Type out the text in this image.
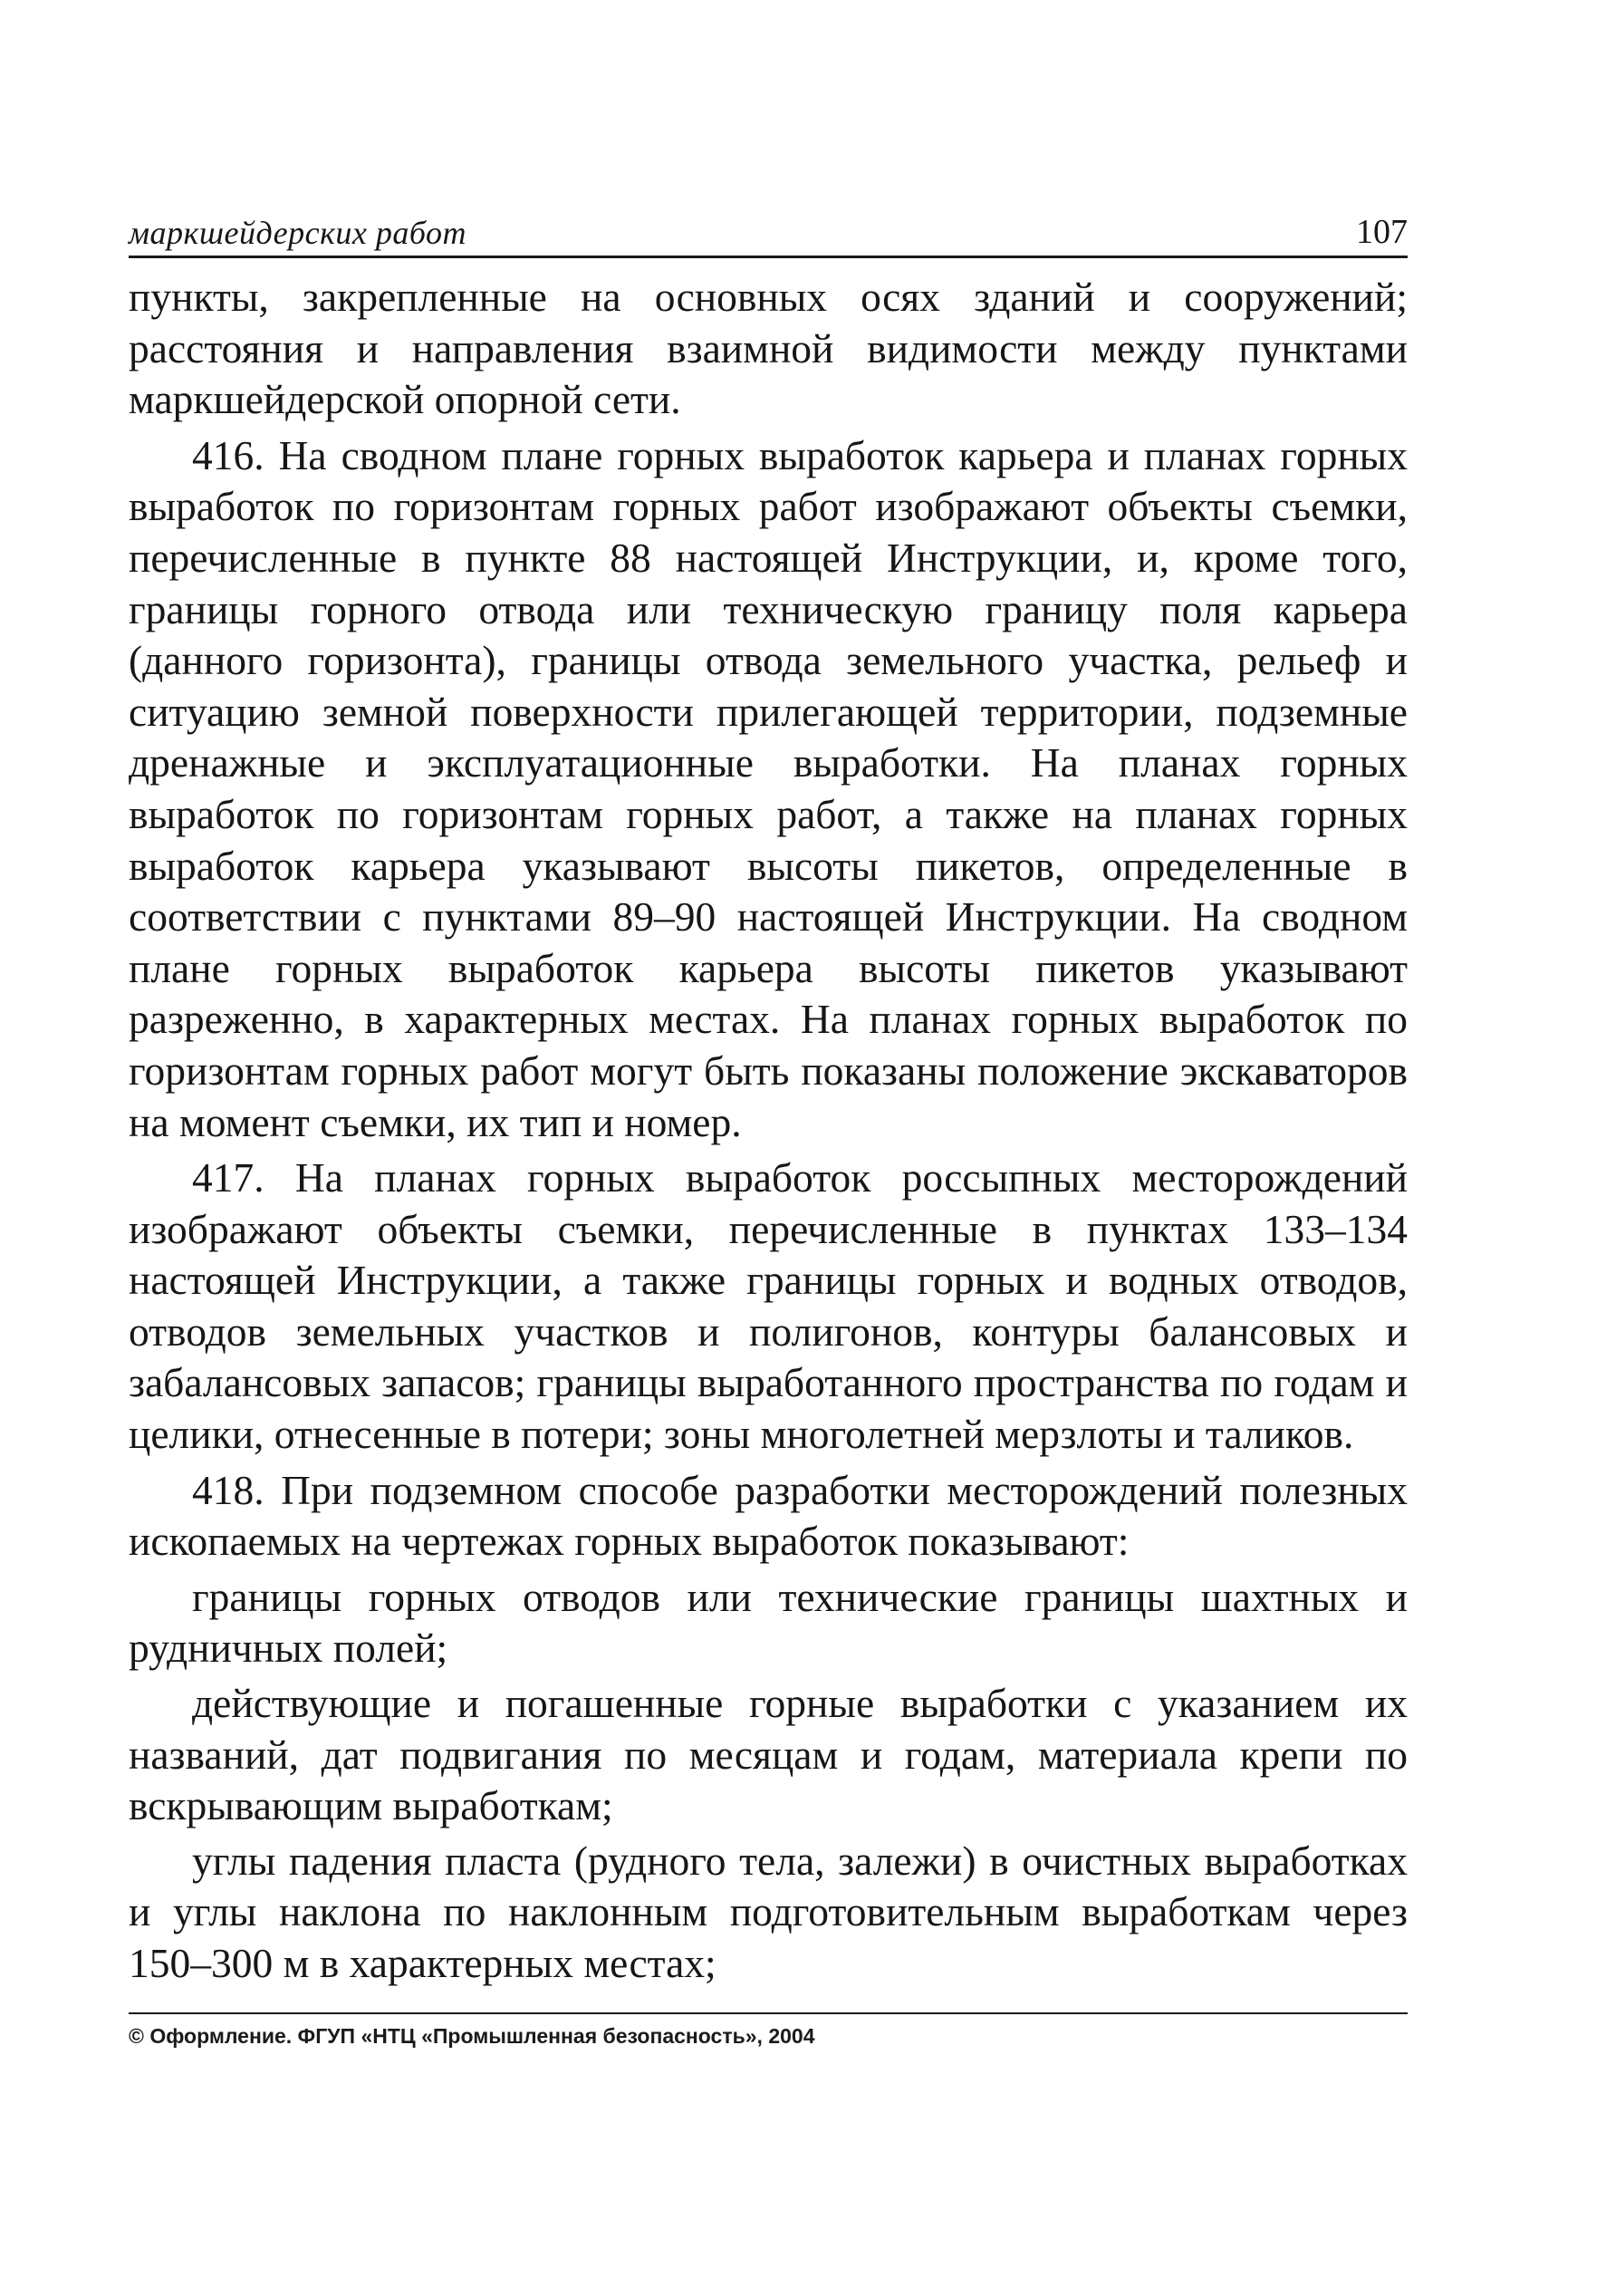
маркшейдерских работ	107

пункты, закрепленные на основных осях зданий и сооружений; расстояния и направления взаимной видимости между пунктами маркшейдерской опорной сети.

416. На сводном плане горных выработок карьера и планах горных выработок по горизонтам горных работ изображают объекты съемки, перечисленные в пункте 88 настоящей Инструкции, и, кроме того, границы горного отвода или техническую границу поля карьера (данного горизонта), границы отвода земельного участка, рельеф и ситуацию земной поверхности прилегающей территории, подземные дренажные и эксплуатационные выработки. На планах горных выработок по горизонтам горных работ, а также на планах горных выработок карьера указывают высоты пикетов, определенные в соответствии с пунктами 89–90 настоящей Инструкции. На сводном плане горных выработок карьера высоты пикетов указывают разреженно, в характерных местах. На планах горных выработок по горизонтам горных работ могут быть показаны положение экскаваторов на момент съемки, их тип и номер.

417. На планах горных выработок россыпных месторождений изображают объекты съемки, перечисленные в пунктах 133–134 настоящей Инструкции, а также границы горных и водных отводов, отводов земельных участков и полигонов, контуры балансовых и забалансовых запасов; границы выработанного пространства по годам и целики, отнесенные в потери; зоны многолетней мерзлоты и таликов.

418. При подземном способе разработки месторождений полезных ископаемых на чертежах горных выработок показывают:

границы горных отводов или технические границы шахтных и рудничных полей;

действующие и погашенные горные выработки с указанием их названий, дат подвигания по месяцам и годам, материала крепи по вскрывающим выработкам;

углы падения пласта (рудного тела, залежи) в очистных выработках и углы наклона по наклонным подготовительным выработкам через 150–300 м в характерных местах;

© Оформление. ФГУП «НТЦ «Промышленная безопасность», 2004
